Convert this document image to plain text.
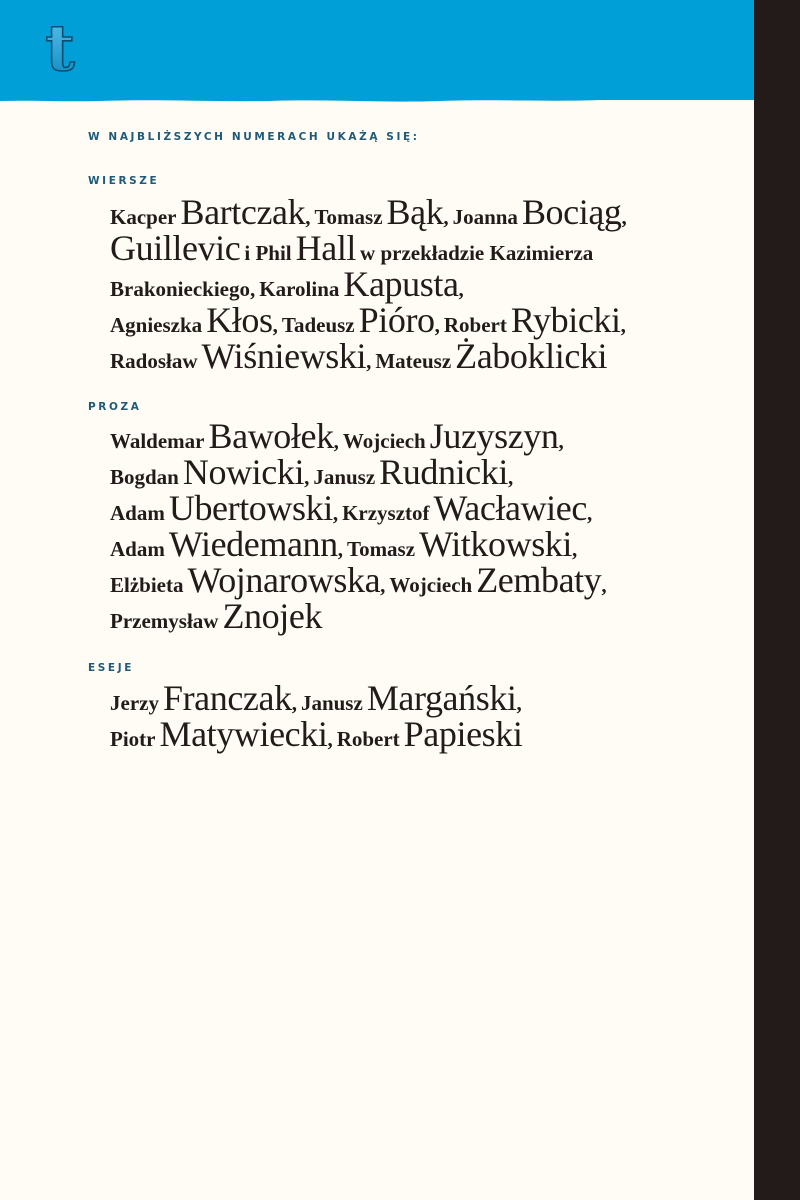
t
W NAJBLIŻSZYCH NUMERACH UKAŻĄ SIĘ:
WIERSZE
Kacper Bartczak, Tomasz Bąk, Joanna Bociąg,
Guillevic i Phil Hall w przekładzie Kazimierza
Brakonieckiego, Karolina Kapusta,
Agnieszka Kłos, Tadeusz Pióro, Robert Rybicki,
Radosław Wiśniewski, Mateusz Żaboklicki
PROZA
Waldemar Bawołek, Wojciech Juzyszyn,
Bogdan Nowicki, Janusz Rudnicki,
Adam Ubertowski, Krzysztof Wacławiec,
Adam Wiedemann, Tomasz Witkowski,
Elżbieta Wojnarowska, Wojciech Zembaty,
Przemysław Znojek
ESEJE
Jerzy Franczak, Janusz Margański,
Piotr Matywiecki, Robert Papieski
